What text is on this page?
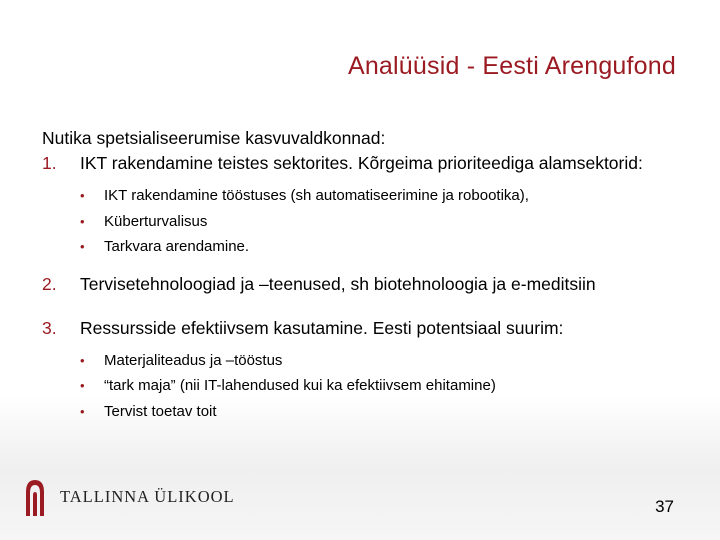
Analüüsid - Eesti Arengufond
Nutika spetsialiseerumise kasvuvaldkonnad:
1. IKT rakendamine teistes sektorites. Kõrgeima prioriteediga alamsektorid:
• IKT rakendamine tööstuses (sh automatiseerimine ja robootika),
• Küberturvalisus
• Tarkvara arendamine.
2. Tervisetehnoloogiad ja –teenused, sh biotehnoloogia ja e-meditsiin
3. Ressursside efektiivsem kasutamine. Eesti potentsiaal suurim:
• Materjaliteadus ja –tööstus
• “tark maja” (nii IT-lahendused kui ka efektiivsem ehitamine)
• Tervist toetav toit
TALLINNA ÜLIKOOL
37
